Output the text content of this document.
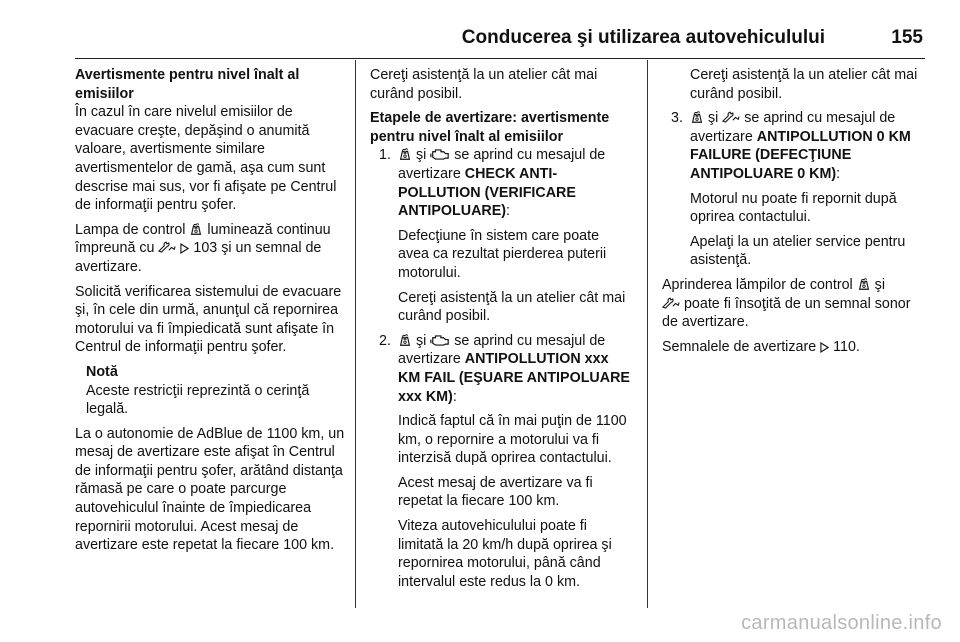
Conducerea şi utilizarea autovehiculului	155

Avertismente pentru nivel înalt al emisiilor

În cazul în care nivelul emisiilor de evacuare creşte, depăşind o anumită valoare, avertismente similare avertismentelor de gamă, aşa cum sunt descrise mai sus, vor fi afişate pe Centrul de informaţii pentru şofer.

Lampa de control  luminează continuu împreună cu   103 şi un semnal de avertizare.

Solicită verificarea sistemului de evacuare şi, în cele din urmă, anunţul că repornirea motorului va fi împiedicată sunt afişate în Centrul de informaţii pentru şofer.

Notă

Aceste restricţii reprezintă o cerinţă legală.

La o autonomie de AdBlue de 1100 km, un mesaj de avertizare este afişat în Centrul de informaţii pentru şofer, arătând distanţa rămasă pe care o poate parcurge autovehiculul înainte de împiedicarea repornirii motorului. Acest mesaj de avertizare este repetat la fiecare 100 km.

Cereţi asistenţă la un atelier cât mai curând posibil.

Etapele de avertizare: avertismente pentru nivel înalt al emisiilor

1. şi  se aprind cu mesajul de avertizare CHECK ANTI-POLLUTION (VERIFICARE ANTIPOLUARE):

Defecţiune în sistem care poate avea ca rezultat pierderea puterii motorului.

Cereţi asistenţă la un atelier cât mai curând posibil.

2. şi  se aprind cu mesajul de avertizare ANTIPOLLUTION xxx KM FAIL (EŞUARE ANTIPOLUARE xxx KM):

Indică faptul că în mai puţin de 1100 km, o repornire a motorului va fi interzisă după oprirea contactului.

Acest mesaj de avertizare va fi repetat la fiecare 100 km.

Viteza autovehiculului poate fi limitată la 20 km/h după oprirea şi repornirea motorului, până când intervalul este redus la 0 km.

Cereţi asistenţă la un atelier cât mai curând posibil.

3. şi  se aprind cu mesajul de avertizare ANTIPOLLUTION 0 KM FAILURE (DEFECŢIUNE ANTIPOLUARE 0 KM):

Motorul nu poate fi repornit după oprirea contactului.

Apelaţi la un atelier service pentru asistenţă.

Aprinderea lămpilor de control  şi
poate fi însoţită de un semnal sonor de avertizare.

Semnalele de avertizare  110.

carmanualsonline.info
